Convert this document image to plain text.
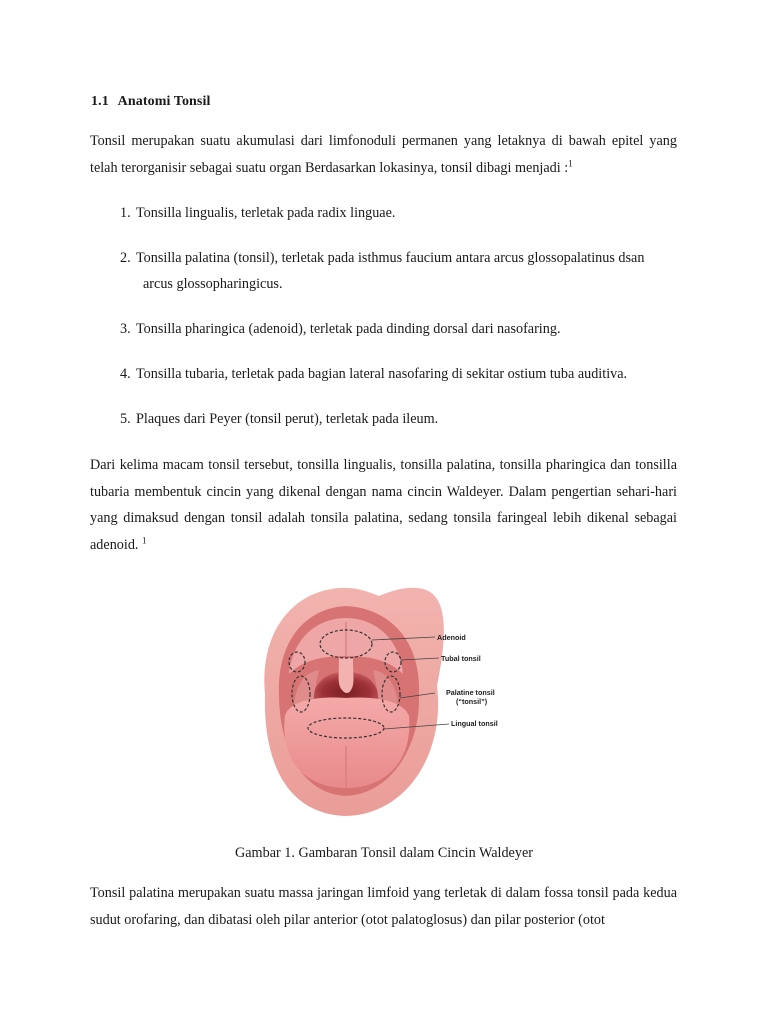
1.1 Anatomi Tonsil

Tonsil merupakan suatu akumulasi dari limfonoduli permanen yang letaknya di bawah epitel yang telah terorganisir sebagai suatu organ Berdasarkan lokasinya, tonsil dibagi menjadi :$^1$

1. Tonsilla lingualis, terletak pada radix linguae.
2. Tonsilla palatina (tonsil), terletak pada isthmus faucium antara arcus glossopalatinus dsan
arcus glossopharingicus.
3. Tonsilla pharingica (adenoid), terletak pada dinding dorsal dari nasofaring.
4. Tonsilla tubaria, terletak pada bagian lateral nasofaring di sekitar ostium tuba auditiva.
5. Plaques dari Peyer (tonsil perut), terletak pada ileum.

Dari kelima macam tonsil tersebut, tonsilla lingualis, tonsilla palatina, tonsilla pharingica dan tonsilla tubaria membentuk cincin yang dikenal dengan nama cincin Waldeyer. Dalam pengertian sehari-hari yang dimaksud dengan tonsil adalah tonsila palatina, sedang tonsila faringeal lebih dikenal sebagai adenoid. $^1$

Adenoid
Tubal tonsil
Palatine tonsil
(“tonsil”)
Lingual tonsil
Gambar 1. Gambaran Tonsil dalam Cincin Waldeyer

Tonsil palatina merupakan suatu massa jaringan limfoid yang terletak di dalam fossa tonsil pada kedua sudut orofaring, dan dibatasi oleh pilar anterior (otot palatoglosus) dan pilar posterior (otot
